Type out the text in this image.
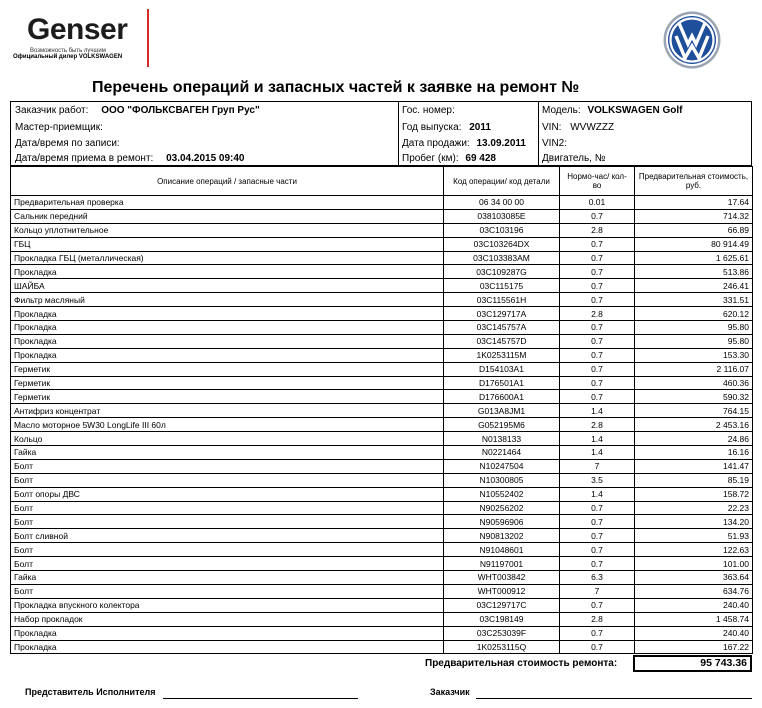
Genser
Возможность быть лучшим
Официальный дилер VOLKSWAGEN
Перечень операций и запасных частей к заявке на ремонт №
Заказчик работ: ООО "ФОЛЬКСВАГЕН Груп Рус"
Мастер-приемщик:
Дата/время по записи:
Дата/время приема в ремонт: 03.04.2015 09:40
Гос. номер:
Год выпуска: 2011
Дата продажи: 13.09.2011
Пробег (км): 69 428
Модель: VOLKSWAGEN Golf
VIN: WVWZZZ
VIN2:
Двигатель, №
Описание операций / запасные части	Код операции/ код детали	Нормо-час/ кол-во	Предварительная стоимость, руб.
Предварительная проверка	06 34 00 00	0.01	17.64
Сальник передний	038103085E	0.7	714.32
Кольцо уплотнительное	03C103196	2.8	66.89
ГБЦ	03C103264DX	0.7	80 914.49
Прокладка ГБЦ (металлическая)	03C103383AM	0.7	1 625.61
Прокладка	03C109287G	0.7	513.86
ШАЙБА	03C115175	0.7	246.41
Фильтр масляный	03C115561H	0.7	331.51
Прокладка	03C129717A	2.8	620.12
Прокладка	03C145757A	0.7	95.80
Прокладка	03C145757D	0.7	95.80
Прокладка	1K0253115M	0.7	153.30
Герметик	D154103A1	0.7	2 116.07
Герметик	D176501A1	0.7	460.36
Герметик	D176600A1	0.7	590.32
Антифриз концентрат	G013A8JM1	1.4	764.15
Масло моторное 5W30 LongLife III 60л	G052195M6	2.8	2 453.16
Кольцо	N0138133	1.4	24.86
Гайка	N0221464	1.4	16.16
Болт	N10247504	7	141.47
Болт	N10300805	3.5	85.19
Болт опоры ДВС	N10552402	1.4	158.72
Болт	N90256202	0.7	22.23
Болт	N90596906	0.7	134.20
Болт сливной	N90813202	0.7	51.93
Болт	N91048601	0.7	122.63
Болт	N91197001	0.7	101.00
Гайка	WHT003842	6.3	363.64
Болт	WHT000912	7	634.76
Прокладка впускного колектора	03C129717C	0.7	240.40
Набор прокладок	03C198149	2.8	1 458.74
Прокладка	03C253039F	0.7	240.40
Прокладка	1K0253115Q	0.7	167.22
Предварительная стоимость ремонта:	95 743.36
Представитель Исполнителя	Заказчик
